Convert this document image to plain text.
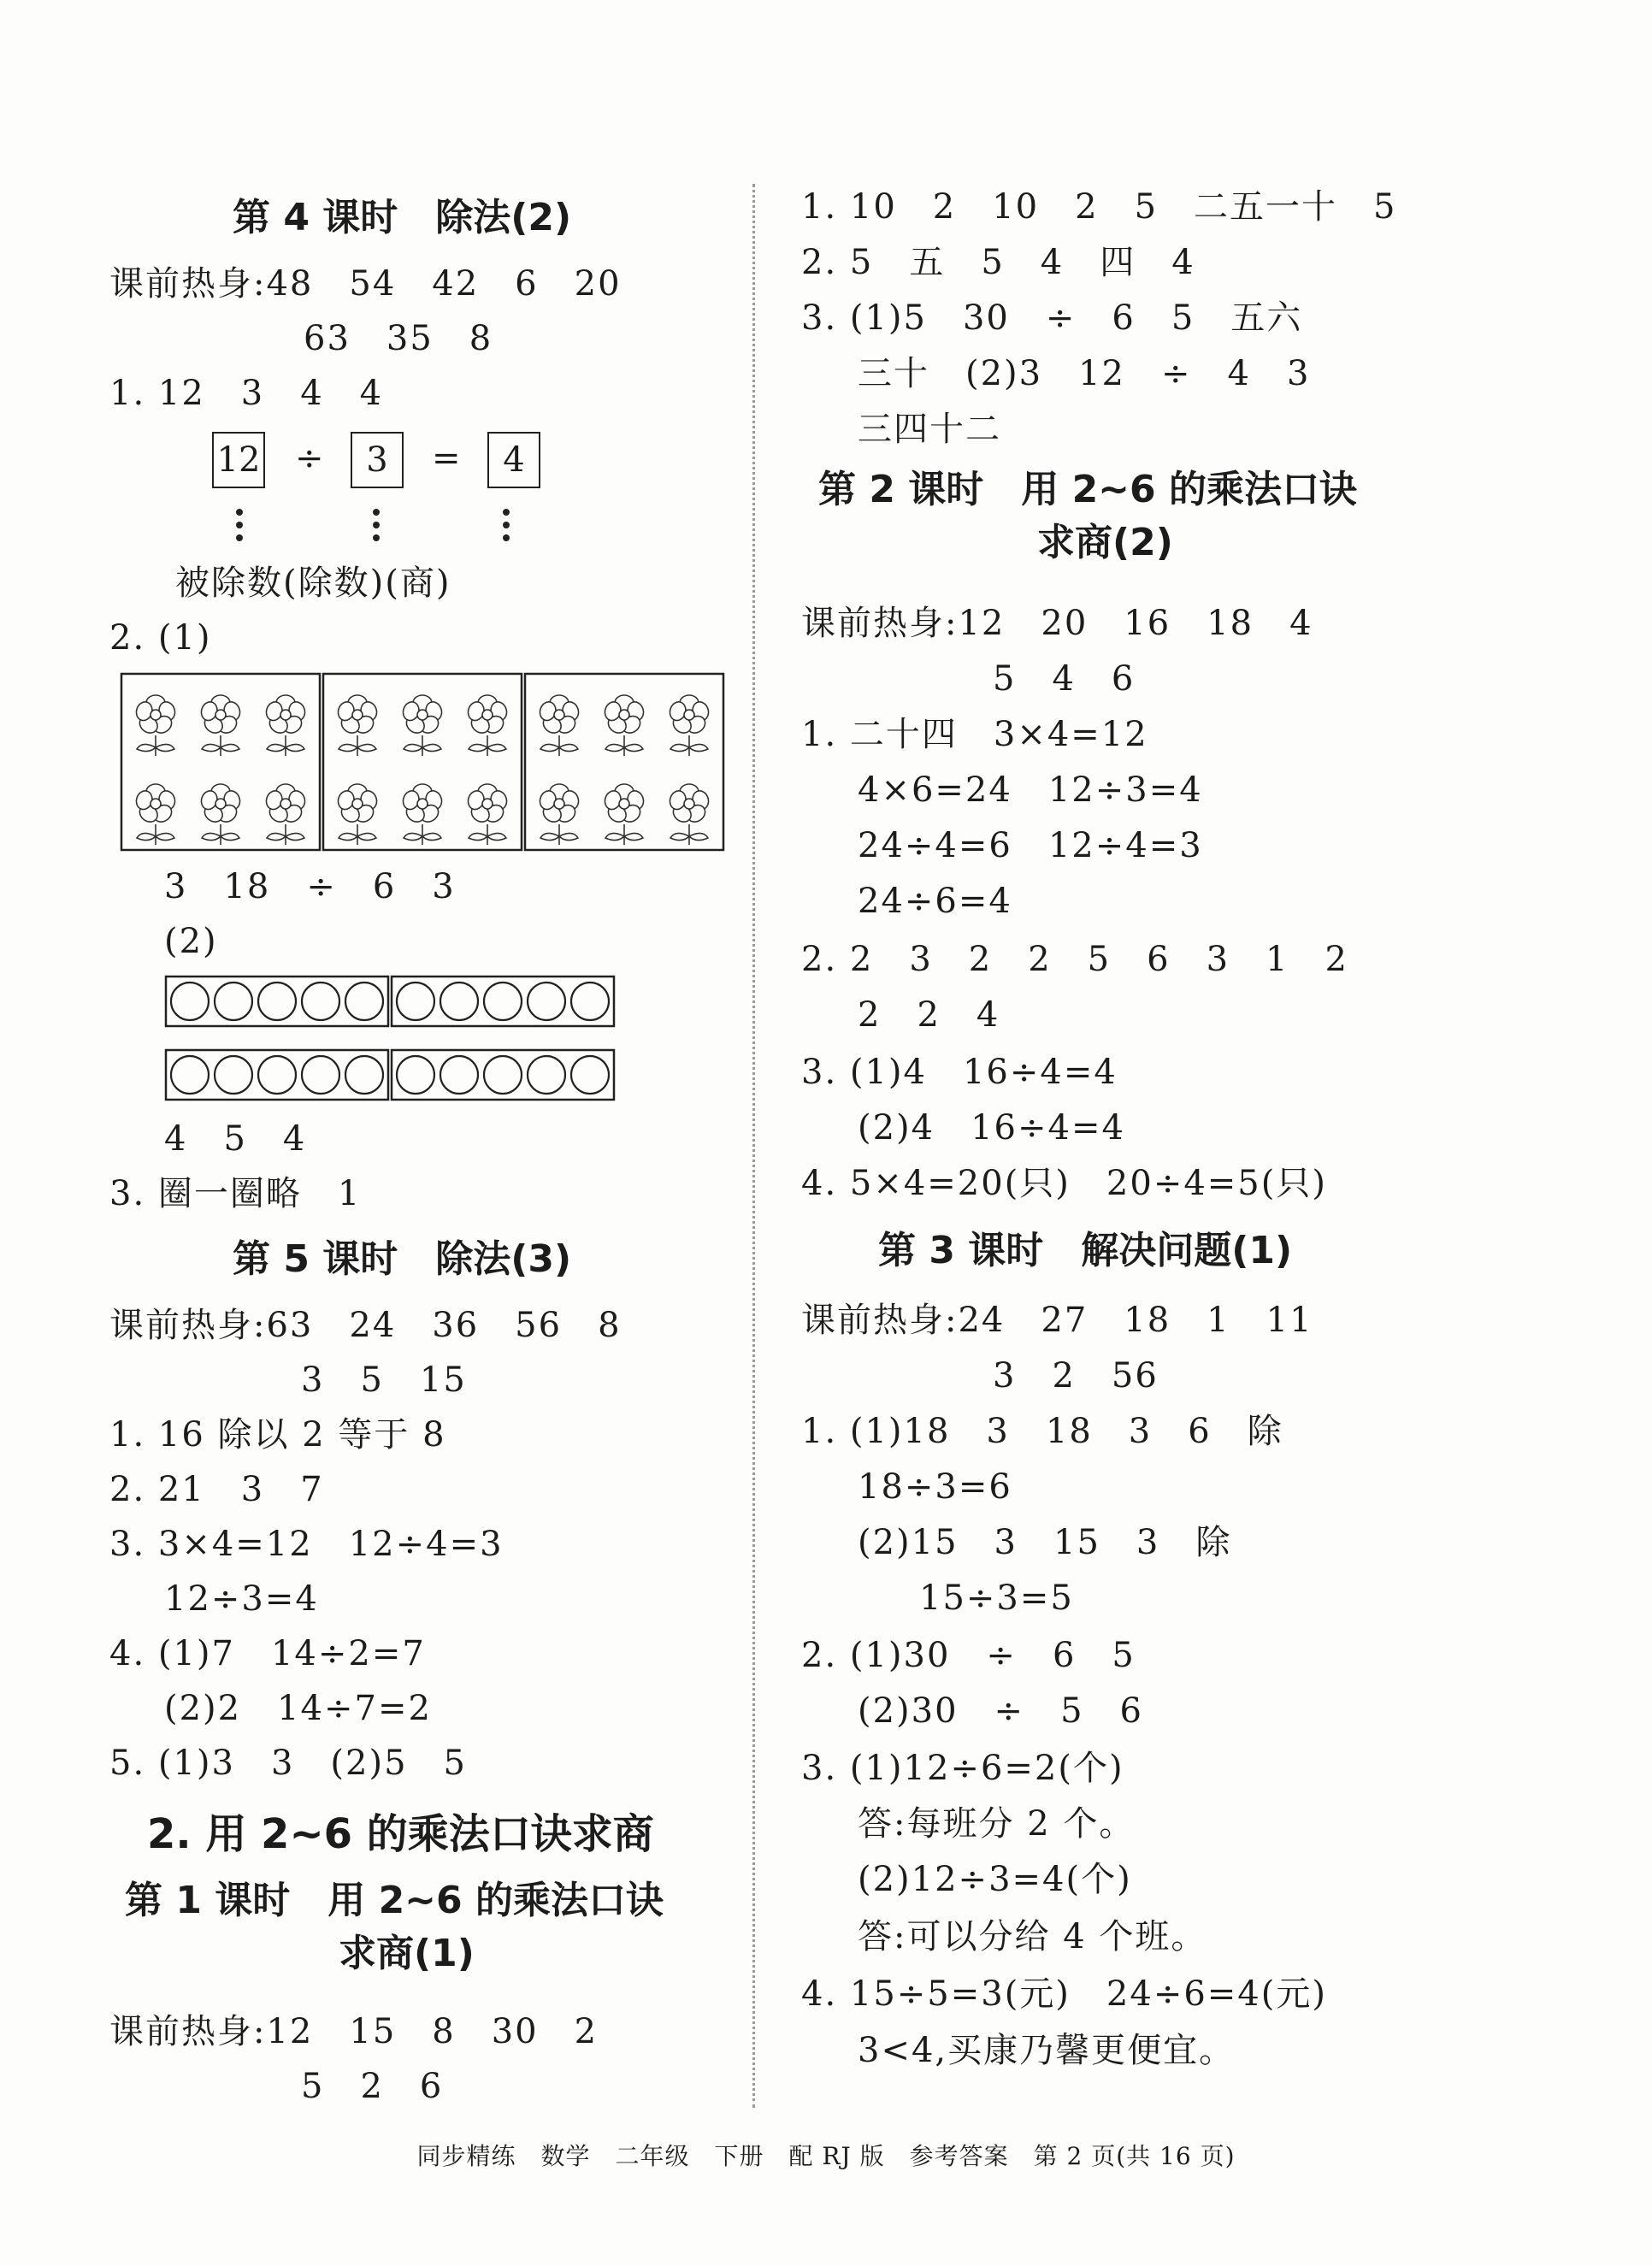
第 4 课时　除法(2)
课前热身:48　54　42　6　20
63　35　8
1. 12　3　4　4
12 ÷	3	=	4
被除数(除数)(商)
2. (1)
3　18　÷　6　3
(2)
4　5　4
3. 圈一圈略　1
第 5 课时　除法(3)
课前热身:63　24　36　56　8
3　5　15
1. 16 除以 2 等于 8
2. 21　3　7
3. 3×4=12　12÷4=3
12÷3=4
4. (1)7　14÷2=7
(2)2　14÷7=2
5. (1)3　3　(2)5　5
2. 用 2~6 的乘法口诀求商
第 1 课时　用 2~6 的乘法口诀
求商(1)
课前热身:12　15　8　30　2
5　2　6
1. 10　2　10　2　5　二五一十　5
2. 5　五　5　4　四　4
3. (1)5　30　÷　6　5　五六
三十　(2)3　12　÷　4　3
三四十二
第 2 课时　用 2~6 的乘法口诀
求商(2)
课前热身:12　20　16　18　4
5　4　6
1. 二十四　3×4=12
4×6=24　12÷3=4
24÷4=6　12÷4=3
24÷6=4
2. 2　3　2　2　5　6　3　1　2
2　2　4
3. (1)4　16÷4=4
(2)4　16÷4=4
4. 5×4=20(只)　20÷4=5(只)
第 3 课时　解决问题(1)
课前热身:24　27　18　1　11
3　2　56
1. (1)18　3　18　3　6　除
18÷3=6
(2)15　3　15　3　除
15÷3=5
2. (1)30　÷　6　5
(2)30　÷　5　6
3. (1)12÷6=2(个)
答:每班分 2 个。
(2)12÷3=4(个)
答:可以分给 4 个班。
4. 15÷5=3(元)　24÷6=4(元)
3<4,买康乃馨更便宜。
同步精练　数学　二年级　下册　配 RJ 版　参考答案　第 2 页(共 16 页)
